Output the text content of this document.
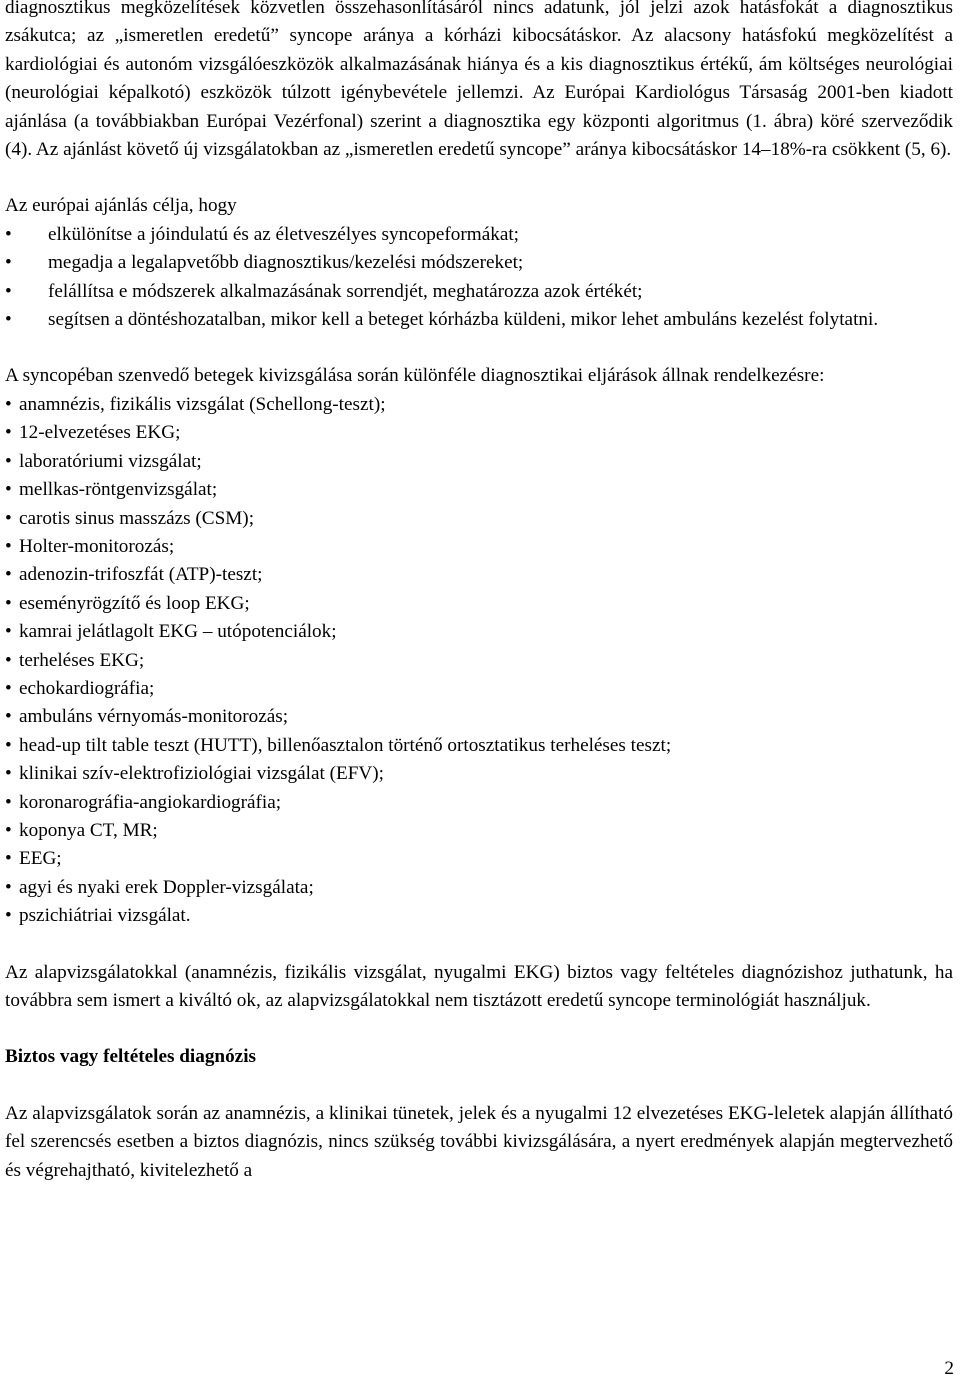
diagnosztikus megközelítések közvetlen összehasonlításáról nincs adatunk, jól jelzi azok hatásfokát a diagnosztikus zsákutca; az „ismeretlen eredetű” syncope aránya a kórházi kibocsátáskor. Az alacsony hatásfokú megközelítést a kardiológiai és autonóm vizsgálóeszközök alkalmazásának hiánya és a kis diagnosztikus értékű, ám költséges neurológiai (neurológiai képalkotó) eszközök túlzott igénybevétele jellemzi. Az Európai Kardiológus Társaság 2001-ben kiadott ajánlása (a továbbiakban Európai Vezérfonal) szerint a diagnosztika egy központi algoritmus (1. ábra) köré szerveződik (4). Az ajánlást követő új vizsgálatokban az „ismeretlen eredetű syncope” aránya kibocsátáskor 14–18%-ra csökkent (5, 6).

Az európai ajánlás célja, hogy

• elkülönítse a jóindulatú és az életveszélyes syncopeformákat;
• megadja a legalapvetőbb diagnosztikus/kezelési módszereket;
• felállítsa e módszerek alkalmazásának sorrendjét, meghatározza azok értékét;
• segítsen a döntéshozatalban, mikor kell a beteget kórházba küldeni, mikor lehet ambuláns kezelést folytatni.

A syncopéban szenvedő betegek kivizsgálása során különféle diagnosztikai eljárások állnak rendelkezésre:

• anamnézis, fizikális vizsgálat (Schellong-teszt);
• 12-elvezetéses EKG;
• laboratóriumi vizsgálat;
• mellkas-röntgenvizsgálat;
• carotis sinus masszázs (CSM);
• Holter-monitorozás;
• adenozin-trifoszfát (ATP)-teszt;
• eseményrögzítő és loop EKG;
• kamrai jelátlagolt EKG – utópotenciálok;
• terheléses EKG;
• echokardiográfia;
• ambuláns vérnyomás-monitorozás;
• head-up tilt table teszt (HUTT), billenőasztalon történő ortosztatikus terheléses teszt;
• klinikai szív-elektrofiziológiai vizsgálat (EFV);
• koronarográfia-angiokardiográfia;
• koponya CT, MR;
• EEG;
• agyi és nyaki erek Doppler-vizsgálata;
• pszichiátriai vizsgálat.

Az alapvizsgálatokkal (anamnézis, fizikális vizsgálat, nyugalmi EKG) biztos vagy feltételes diagnózishoz juthatunk, ha továbbra sem ismert a kiváltó ok, az alapvizsgálatokkal nem tisztázott eredetű syncope terminológiát használjuk.

Biztos vagy feltételes diagnózis

Az alapvizsgálatok során az anamnézis, a klinikai tünetek, jelek és a nyugalmi 12 elvezetéses EKG-leletek alapján állítható fel szerencsés esetben a biztos diagnózis, nincs szükség további kivizsgálására, a nyert eredmények alapján megtervezhető és végrehajtható, kivitelezhető a

2
